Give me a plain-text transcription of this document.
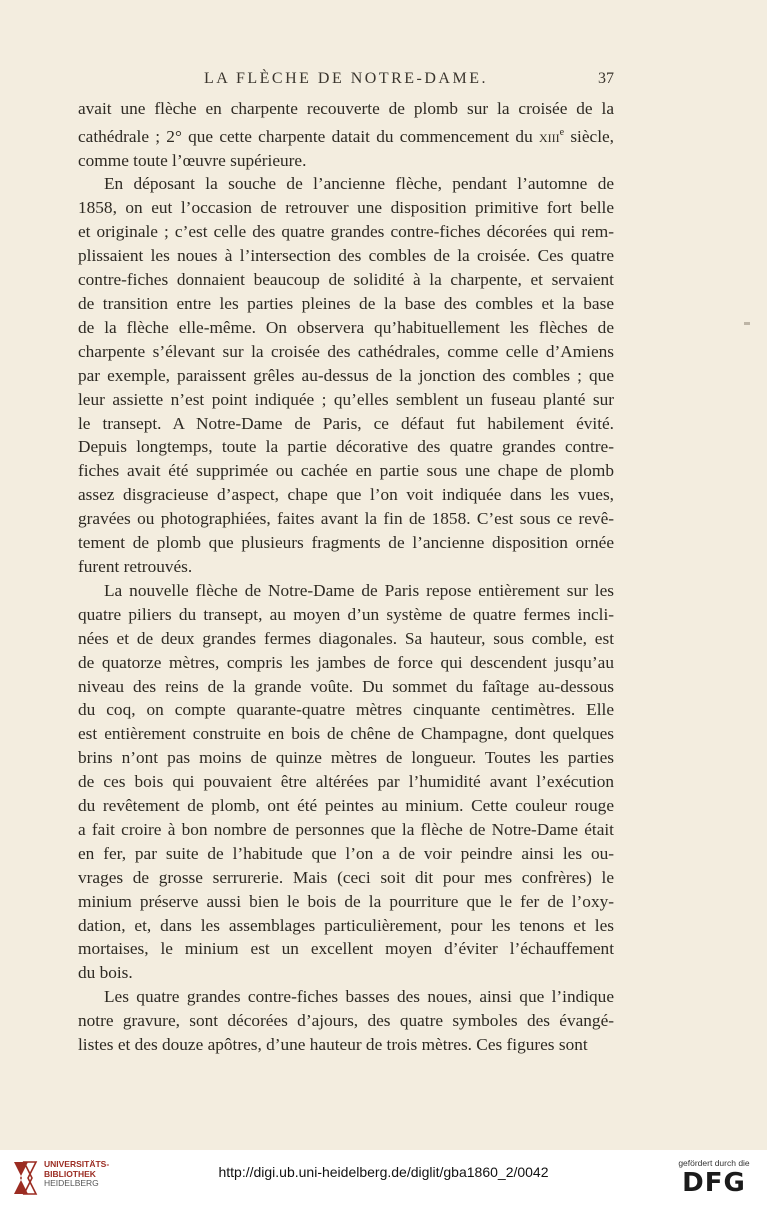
LA FLÈCHE DE NOTRE-DAME.	37
avait une flèche en charpente recouverte de plomb sur la croisée de la
cathédrale ; 2° que cette charpente datait du commencement du xiii$^e$ siècle,
comme toute l’œuvre supérieure.
En déposant la souche de l’ancienne flèche, pendant l’automne de
1858, on eut l’occasion de retrouver une disposition primitive fort belle
et originale ; c’est celle des quatre grandes contre-fiches décorées qui rem-
plissaient les noues à l’intersection des combles de la croisée. Ces quatre
contre-fiches donnaient beaucoup de solidité à la charpente, et servaient
de transition entre les parties pleines de la base des combles et la base
de la flèche elle-même. On observera qu’habituellement les flèches de
charpente s’élevant sur la croisée des cathédrales, comme celle d’Amiens
par exemple, paraissent grêles au-dessus de la jonction des combles ; que
leur assiette n’est point indiquée ; qu’elles semblent un fuseau planté sur
le transept. A Notre-Dame de Paris, ce défaut fut habilement évité.
Depuis longtemps, toute la partie décorative des quatre grandes contre-
fiches avait été supprimée ou cachée en partie sous une chape de plomb
assez disgracieuse d’aspect, chape que l’on voit indiquée dans les vues,
gravées ou photographiées, faites avant la fin de 1858. C’est sous ce revê-
tement de plomb que plusieurs fragments de l’ancienne disposition ornée
furent retrouvés.
La nouvelle flèche de Notre-Dame de Paris repose entièrement sur les
quatre piliers du transept, au moyen d’un système de quatre fermes incli-
nées et de deux grandes fermes diagonales. Sa hauteur, sous comble, est
de quatorze mètres, compris les jambes de force qui descendent jusqu’au
niveau des reins de la grande voûte. Du sommet du faîtage au-dessous
du coq, on compte quarante-quatre mètres cinquante centimètres. Elle
est entièrement construite en bois de chêne de Champagne, dont quelques
brins n’ont pas moins de quinze mètres de longueur. Toutes les parties
de ces bois qui pouvaient être altérées par l’humidité avant l’exécution
du revêtement de plomb, ont été peintes au minium. Cette couleur rouge
a fait croire à bon nombre de personnes que la flèche de Notre-Dame était
en fer, par suite de l’habitude que l’on a de voir peindre ainsi les ou-
vrages de grosse serrurerie. Mais (ceci soit dit pour mes confrères) le
minium préserve aussi bien le bois de la pourriture que le fer de l’oxy-
dation, et, dans les assemblages particulièrement, pour les tenons et les
mortaises, le minium est un excellent moyen d’éviter l’échauffement
du bois.
Les quatre grandes contre-fiches basses des noues, ainsi que l’indique
notre gravure, sont décorées d’ajours, des quatre symboles des évangé-
listes et des douze apôtres, d’une hauteur de trois mètres. Ces figures sont
UNIVERSITÄTS-
BIBLIOTHEK
HEIDELBERG
http://digi.ub.uni-heidelberg.de/diglit/gba1860_2/0042
gefördert durch die
DFG
